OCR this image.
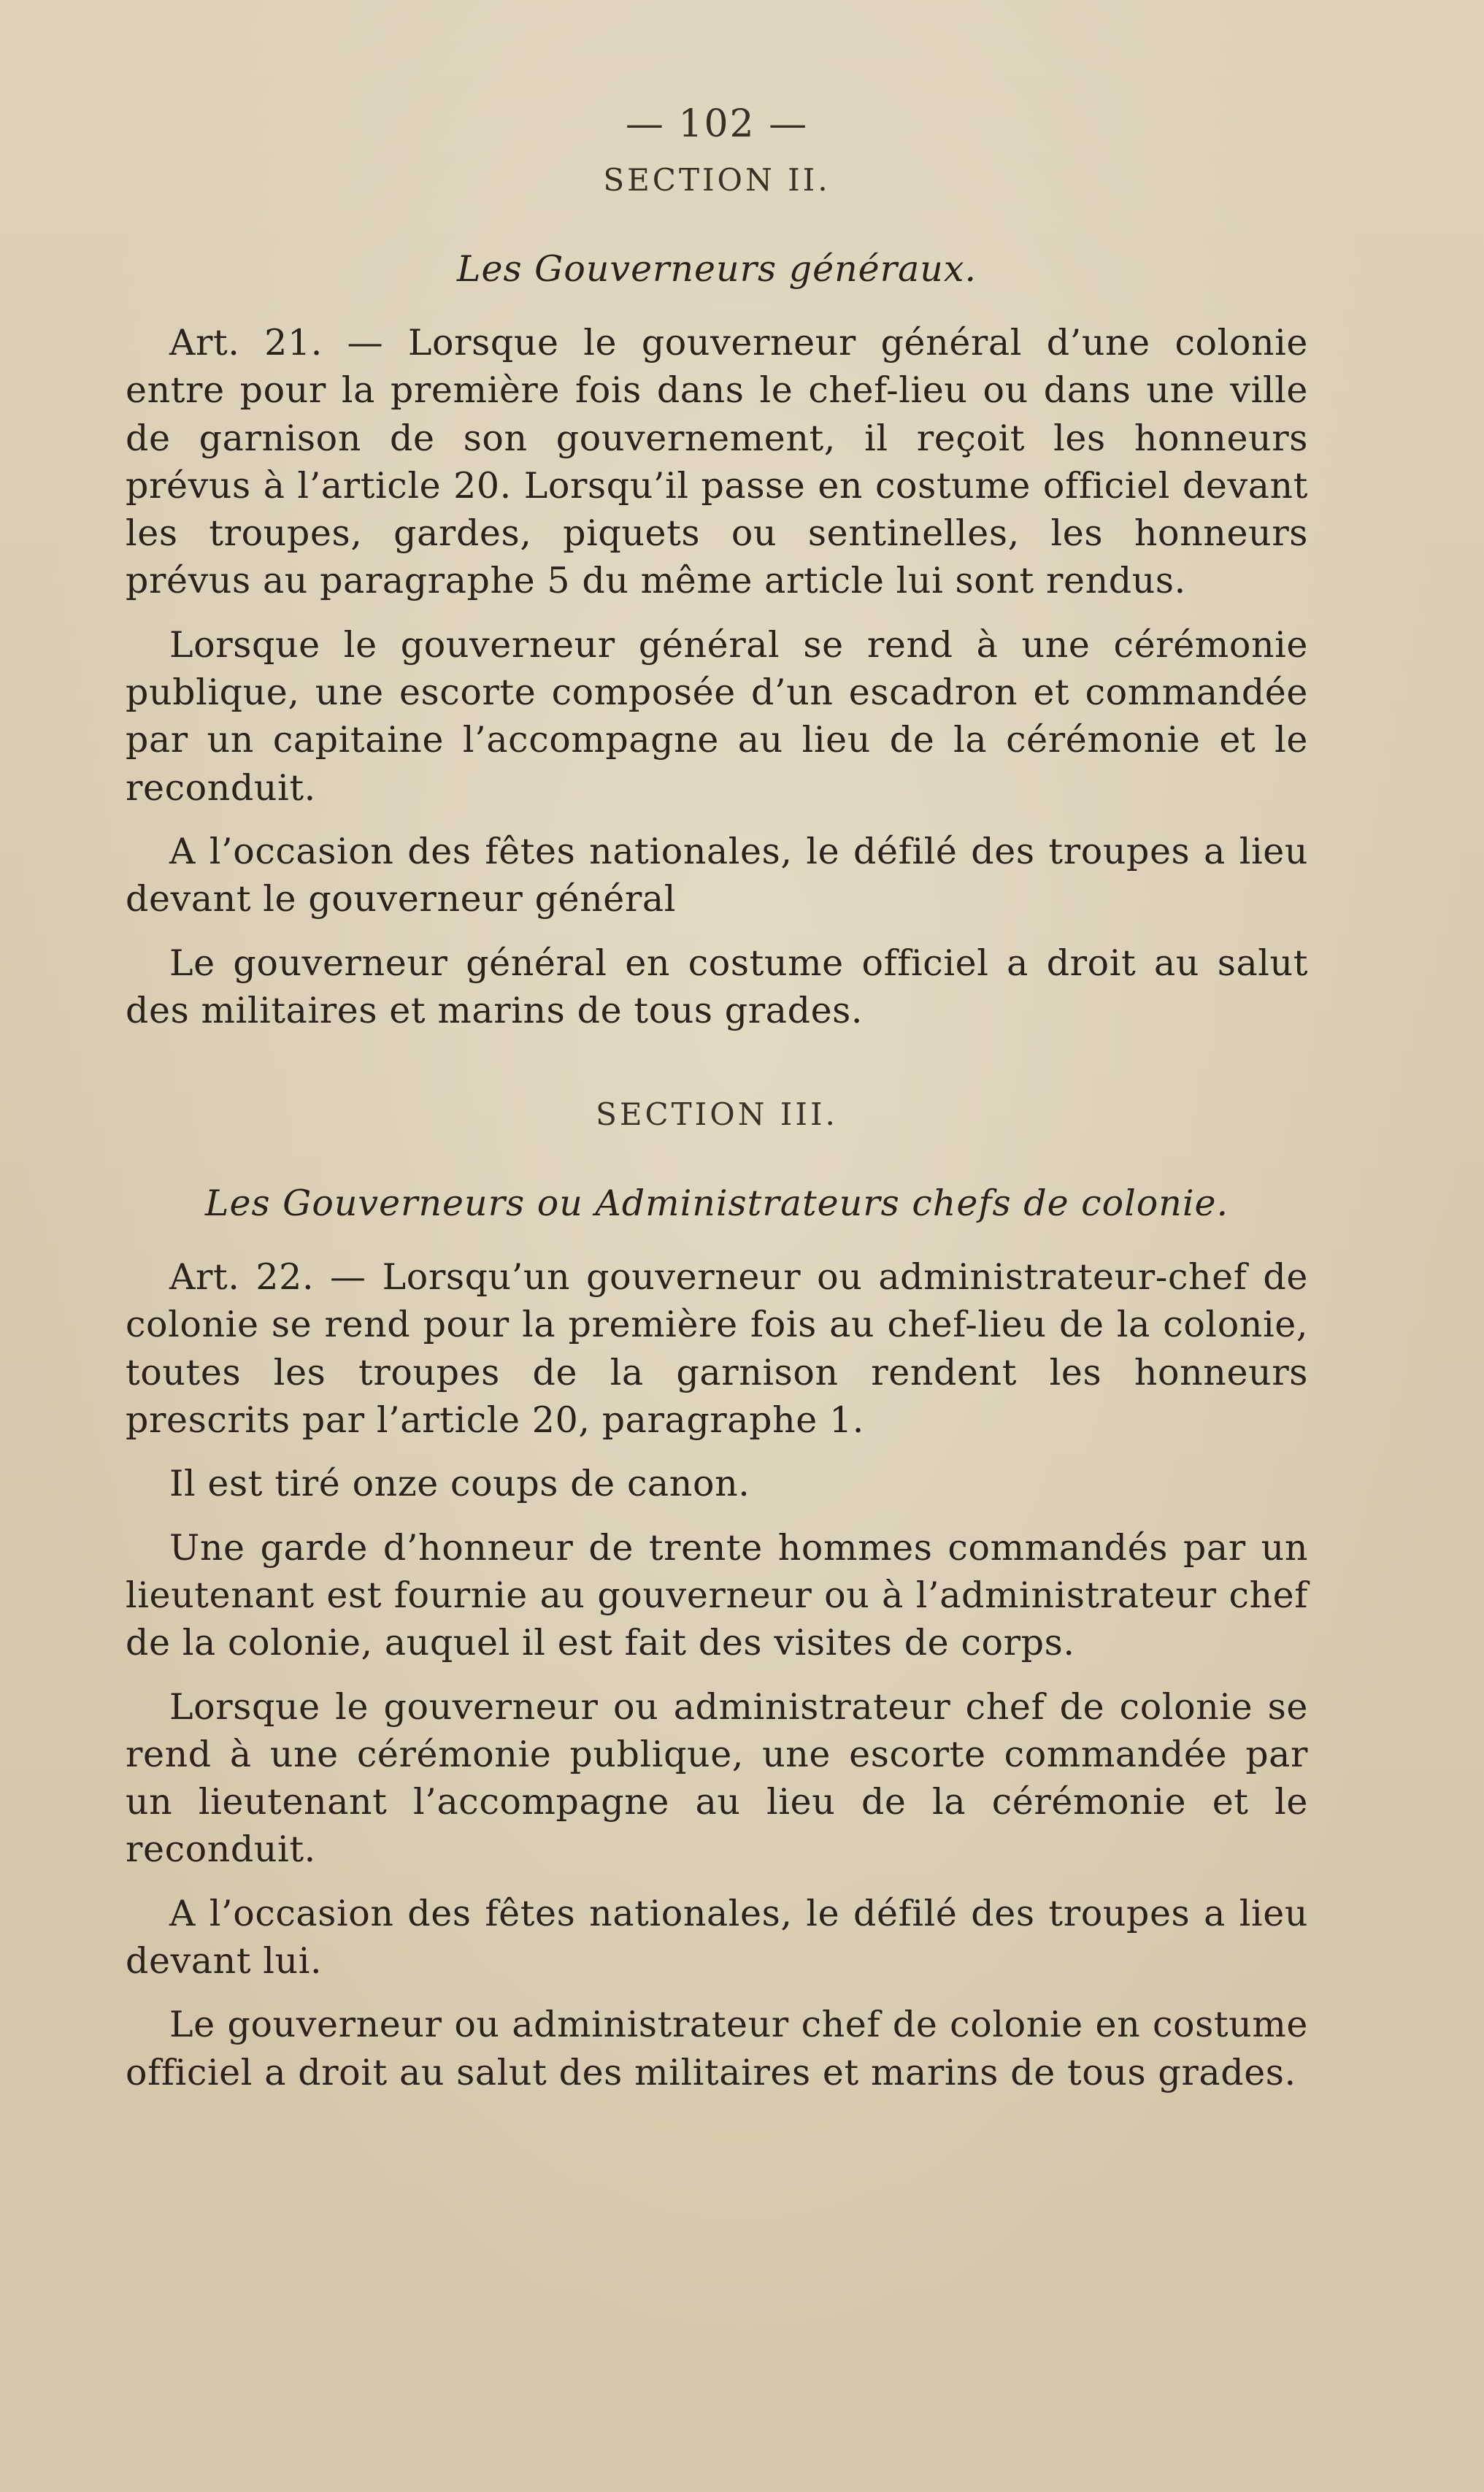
— 102 —
SECTION II.
Les Gouverneurs généraux.

Art. 21. — Lorsque le gouverneur général d’une colonie entre pour la première fois dans le chef-lieu ou dans une ville de garnison de son gouvernement, il reçoit les honneurs prévus à l’article 20. Lorsqu’il passe en costume officiel devant les troupes, gardes, piquets ou sentinelles, les honneurs prévus au paragraphe 5 du même article lui sont rendus.

Lorsque le gouverneur général se rend à une cérémonie publique, une escorte composée d’un escadron et commandée par un capitaine l’accompagne au lieu de la cérémonie et le reconduit.

A l’occasion des fêtes nationales, le défilé des troupes a lieu devant le gouverneur général

Le gouverneur général en costume officiel a droit au salut des militaires et marins de tous grades.

SECTION III.
Les Gouverneurs ou Administrateurs chefs de colonie.

Art. 22. — Lorsqu’un gouverneur ou administrateur-chef de colonie se rend pour la première fois au chef-lieu de la colonie, toutes les troupes de la garnison rendent les honneurs prescrits par l’article 20, paragraphe 1.

Il est tiré onze coups de canon.

Une garde d’honneur de trente hommes commandés par un lieutenant est fournie au gouverneur ou à l’administrateur chef de la colonie, auquel il est fait des visites de corps.

Lorsque le gouverneur ou administrateur chef de colonie se rend à une cérémonie publique, une escorte commandée par un lieutenant l’accompagne au lieu de la cérémonie et le reconduit.

A l’occasion des fêtes nationales, le défilé des troupes a lieu devant lui.

Le gouverneur ou administrateur chef de colonie en costume officiel a droit au salut des militaires et marins de tous grades.
